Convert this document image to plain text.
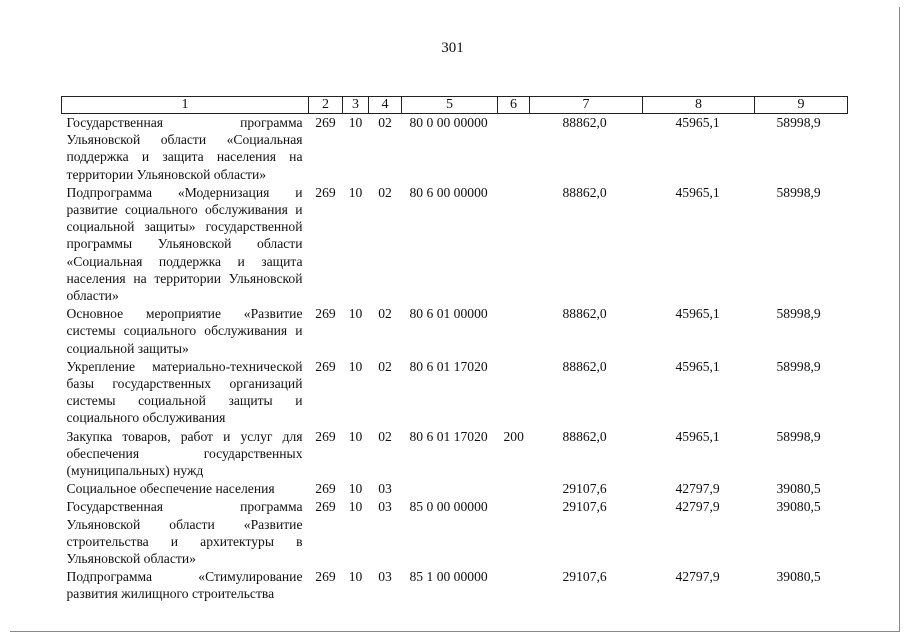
301
1	2	3	4	5	6	7	8	9
Государственная программа Ульяновской области «Социальная поддержка и защита населения на территории Ульяновской области»	269	10	02	80 0 00 00000		88862,0	45965,1	58998,9
Подпрограмма «Модернизация и развитие социального обслуживания и социальной защиты» государственной программы Ульяновской области «Социальная поддержка и защита населения на территории Ульяновской области»	269	10	02	80 6 00 00000		88862,0	45965,1	58998,9
Основное мероприятие «Развитие системы социального обслуживания и социальной защиты»	269	10	02	80 6 01 00000		88862,0	45965,1	58998,9
Укрепление материально-технической базы государственных организаций системы социальной защиты и социального обслуживания	269	10	02	80 6 01 17020		88862,0	45965,1	58998,9
Закупка товаров, работ и услуг для обеспечения государственных (муниципальных) нужд	269	10	02	80 6 01 17020	200	88862,0	45965,1	58998,9
Социальное обеспечение населения	269	10	03			29107,6	42797,9	39080,5
Государственная программа Ульяновской области «Развитие строительства и архитектуры в Ульяновской области»	269	10	03	85 0 00 00000		29107,6	42797,9	39080,5
Подпрограмма «Стимулирование развития жилищного строительства	269	10	03	85 1 00 00000		29107,6	42797,9	39080,5
